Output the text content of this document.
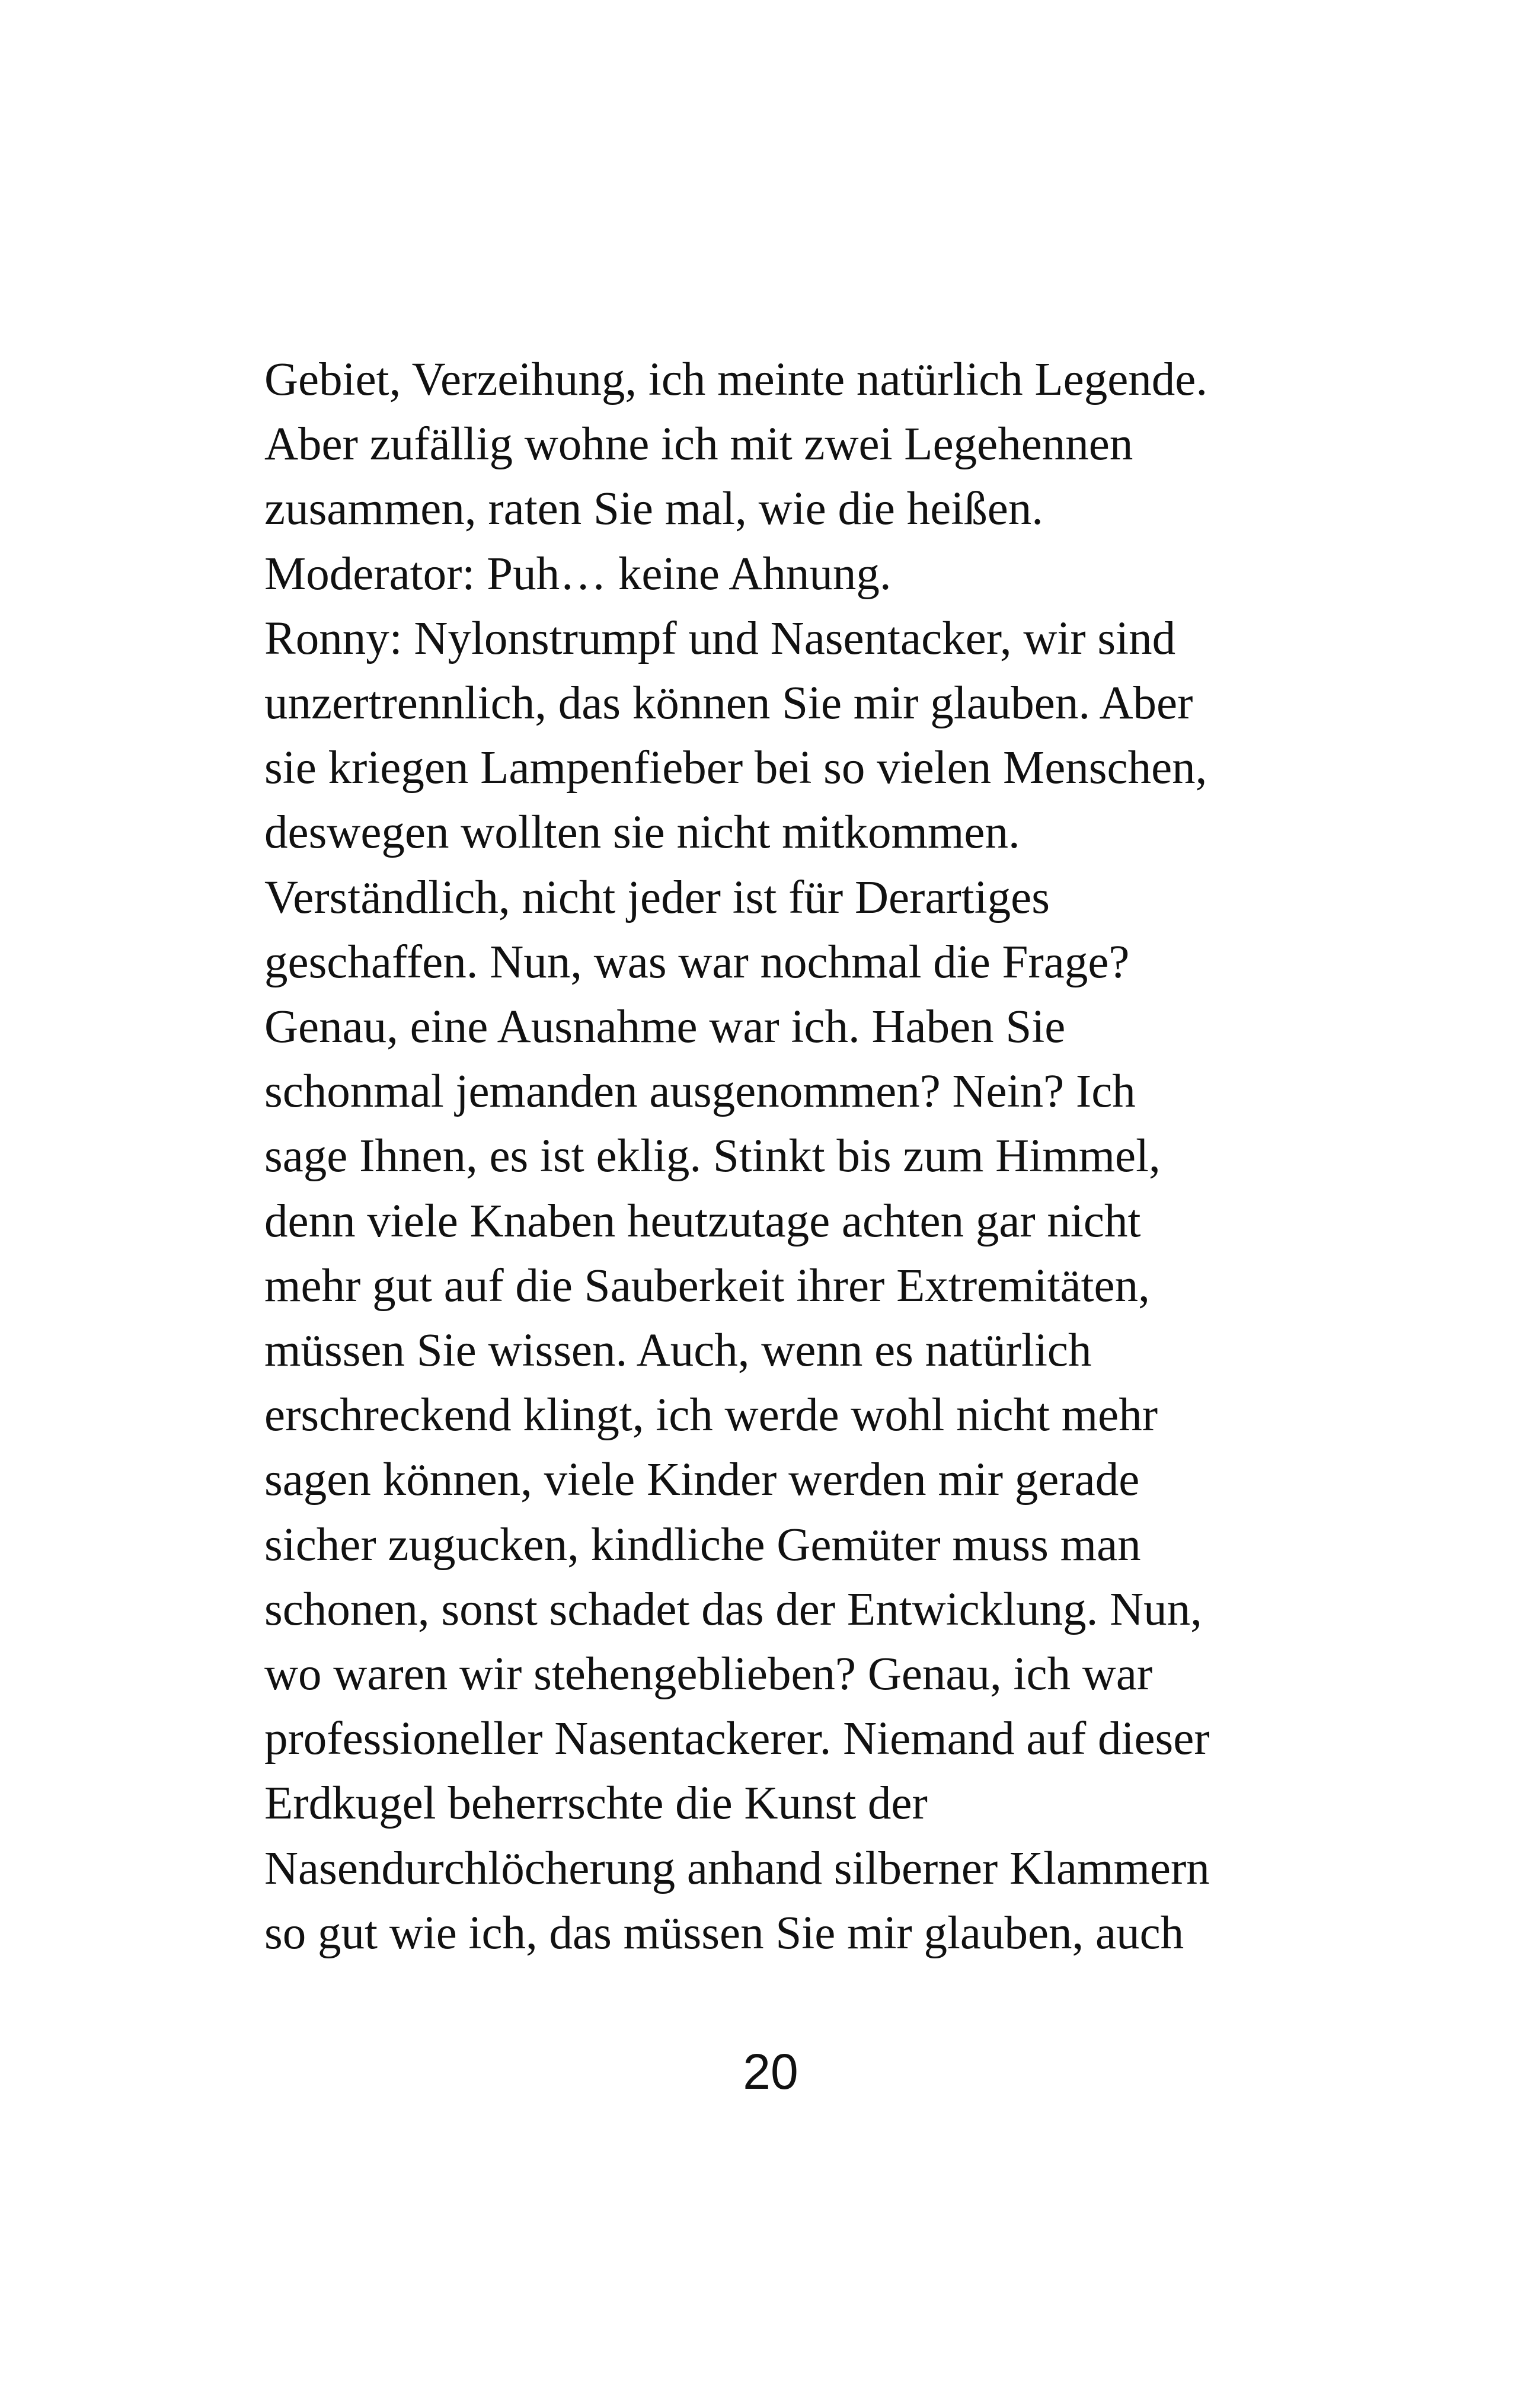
Gebiet, Verzeihung, ich meinte natürlich Legende.
Aber zufällig wohne ich mit zwei Legehennen
zusammen, raten Sie mal, wie die heißen.
Moderator: Puh… keine Ahnung.
Ronny: Nylonstrumpf und Nasentacker, wir sind
unzertrennlich, das können Sie mir glauben. Aber
sie kriegen Lampenfieber bei so vielen Menschen,
deswegen wollten sie nicht mitkommen.
Verständlich, nicht jeder ist für Derartiges
geschaffen. Nun, was war nochmal die Frage?
Genau, eine Ausnahme war ich. Haben Sie
schonmal jemanden ausgenommen? Nein? Ich
sage Ihnen, es ist eklig. Stinkt bis zum Himmel,
denn viele Knaben heutzutage achten gar nicht
mehr gut auf die Sauberkeit ihrer Extremitäten,
müssen Sie wissen. Auch, wenn es natürlich
erschreckend klingt, ich werde wohl nicht mehr
sagen können, viele Kinder werden mir gerade
sicher zugucken, kindliche Gemüter muss man
schonen, sonst schadet das der Entwicklung. Nun,
wo waren wir stehengeblieben? Genau, ich war
professioneller Nasentackerer. Niemand auf dieser
Erdkugel beherrschte die Kunst der
Nasendurchlöcherung anhand silberner Klammern
so gut wie ich, das müssen Sie mir glauben, auch
20
